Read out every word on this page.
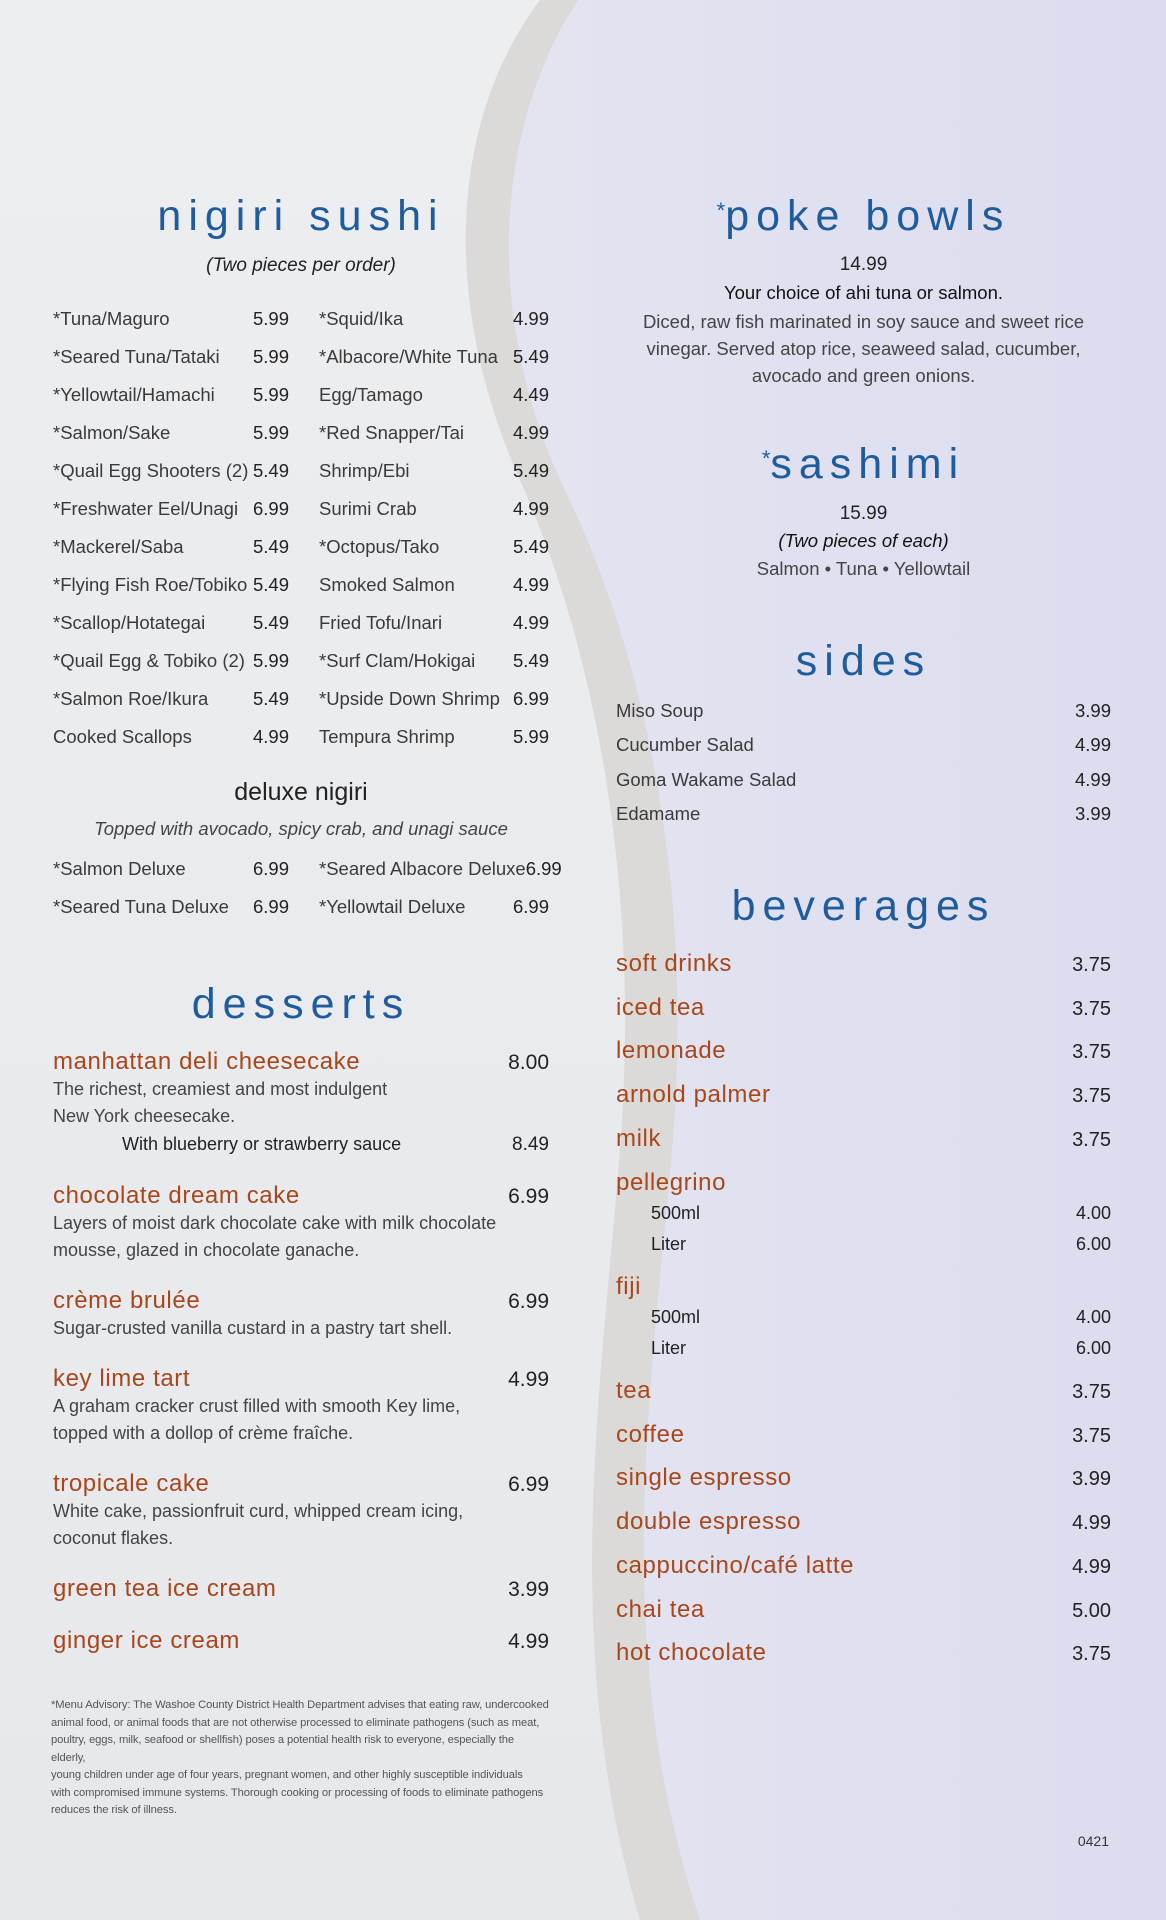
nigiri sushi
(Two pieces per order)
*Tuna/Maguro	5.99 *Squid/Ika	4.99
*Seared Tuna/Tataki 5.99 *Albacore/White Tuna 5.49
*Yellowtail/Hamachi 5.99 Egg/Tamago	4.49
*Salmon/Sake	5.99 *Red Snapper/Tai	4.99
*Quail Egg Shooters (2) 5.49 Shrimp/Ebi	5.49
*Freshwater Eel/Unagi 6.99 Surimi Crab	4.99
*Mackerel/Saba	5.49 *Octopus/Tako	5.49
*Flying Fish Roe/Tobiko 5.49 Smoked Salmon	4.99
*Scallop/Hotategai	5.49 Fried Tofu/Inari	4.99
*Quail Egg & Tobiko (2) 5.99 *Surf Clam/Hokigai 5.49
*Salmon Roe/Ikura 5.49 *Upside Down Shrimp 6.99
Cooked Scallops	4.99 Tempura Shrimp	5.99
deluxe nigiri
Topped with avocado, spicy crab, and unagi sauce
*Salmon Deluxe	6.99 *Seared Albacore Deluxe 6.99
*Seared Tuna Deluxe 6.99 *Yellowtail Deluxe	6.99
desserts
manhattan deli cheesecake	8.00
The richest, creamiest and most indulgent
New York cheesecake.
With blueberry or strawberry sauce	8.49
chocolate dream cake	6.99
Layers of moist dark chocolate cake with milk chocolate
mousse, glazed in chocolate ganache.
crème brulée	6.99
Sugar-crusted vanilla custard in a pastry tart shell.
key lime tart	4.99
A graham cracker crust filled with smooth Key lime,
topped with a dollop of crème fraîche.
tropicale cake	6.99
White cake, passionfruit curd, whipped cream icing,
coconut flakes.
green tea ice cream	3.99
ginger ice cream	4.99
*Menu Advisory: The Washoe County District Health Department advises that eating raw, undercooked
animal food, or animal foods that are not otherwise processed to eliminate pathogens (such as meat,
poultry, eggs, milk, seafood or shellfish) poses a potential health risk to everyone, especially the elderly,
young children under age of four years, pregnant women, and other highly susceptible individuals
with compromised immune systems. Thorough cooking or processing of foods to eliminate pathogens
reduces the risk of illness.
*poke bowls
14.99
Your choice of ahi tuna or salmon.
Diced, raw fish marinated in soy sauce and sweet rice
vinegar. Served atop rice, seaweed salad, cucumber,
avocado and green onions.
*sashimi
15.99
(Two pieces of each)
Salmon • Tuna • Yellowtail
sides
Miso Soup	3.99
Cucumber Salad	4.99
Goma Wakame Salad	4.99
Edamame	3.99
beverages
soft drinks	3.75
iced tea	3.75
lemonade	3.75
arnold palmer	3.75
milk	3.75
pellegrino
500ml	4.00
Liter	6.00
fiji
500ml	4.00
Liter	6.00
tea	3.75
coffee	3.75
single espresso	3.99
double espresso	4.99
cappuccino/café latte	4.99
chai tea	5.00
hot chocolate	3.75
0421
